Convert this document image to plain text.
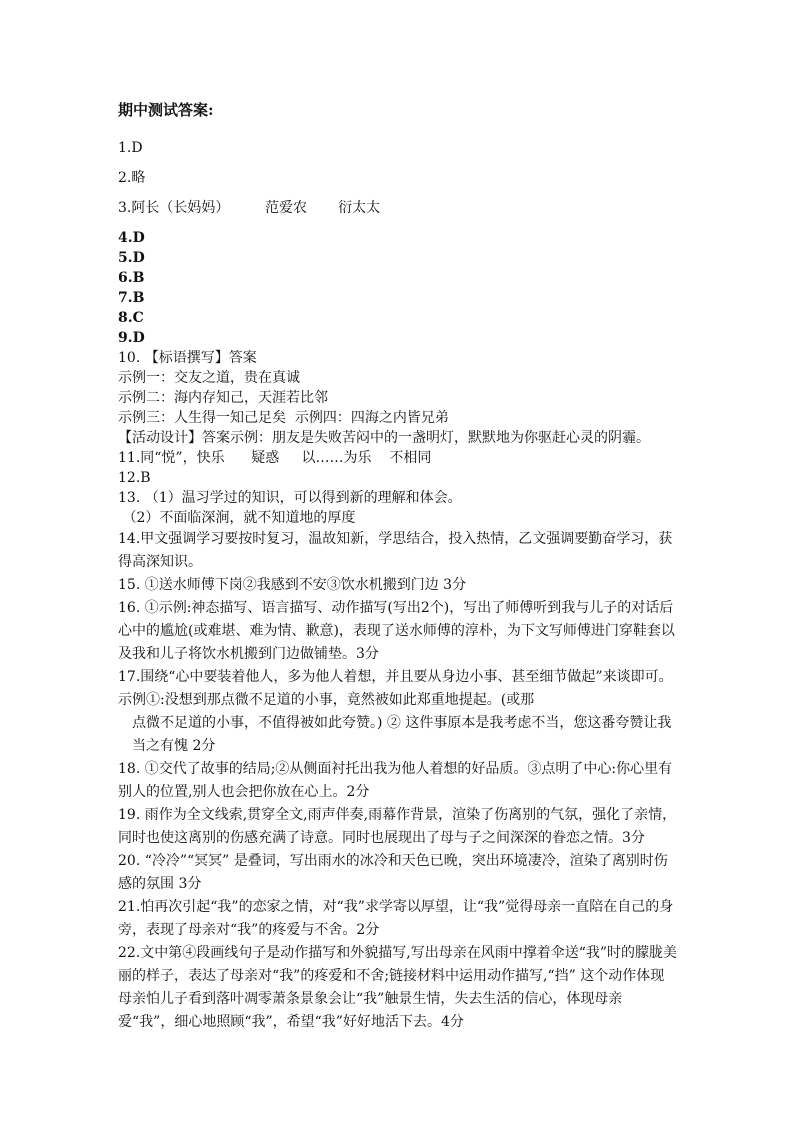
期中测试答案:

1.D

2.略

3.阿长（长妈妈）        范爱农       衍太太

4.D

5.D

6.B

7.B

8.C

9.D

10. 【标语撰写】答案

示例一：交友之道，贵在真诚

示例二：海内存知己，天涯若比邻

示例三：人生得一知己足矣  示例四：四海之内皆兄弟

【活动设计】答案示例：朋友是失败苦闷中的一盏明灯，默默地为你驱赶心灵的阴霾。

11.同“悦”，快乐      疑惑     以……为乐    不相同

12.B

13. （1）温习学过的知识，可以得到新的理解和体会。

（2）不面临深涧，就不知道地的厚度

14.甲文强调学习要按时复习，温故知新，学思结合，投入热情，乙文强调要勤奋学习，获得高深知识。

15. ①送水师傅下岗②我感到不安③饮水机搬到门边 3分

16. ①示例:神态描写、语言描写、动作描写(写出2个)，写出了师傅听到我与儿子的对话后心中的尴尬(或难堪、难为情、歉意)，表现了送水师傅的淳朴，为下文写师傅进门穿鞋套以及我和儿子将饮水机搬到门边做铺垫。3分

17.围绕“心中要装着他人，多为他人着想，并且要从身边小事、甚至细节做起”来谈即可。示例①:没想到那点微不足道的小事，竟然被如此郑重地提起。(或那

点微不足道的小事，不值得被如此夸赞。) ② 这件事原本是我考虑不当，您这番夸赞让我当之有愧 2分

18. ①交代了故事的结局;②从侧面衬托出我为他人着想的好品质。③点明了中心:你心里有别人的位置,别人也会把你放在心上。2分

19. 雨作为全文线索,贯穿全文,雨声伴奏,雨幕作背景，渲染了伤离别的气氛，强化了亲情，同时也使这离别的伤感充满了诗意。同时也展现出了母与子之间深深的眷恋之情。3分

20. “冷冷”“冥冥” 是叠词，写出雨水的冰冷和天色已晚，突出环境凄冷，渲染了离别时伤感的氛围 3分

21.怕再次引起“我”的恋家之情，对“我”求学寄以厚望，让“我”觉得母亲一直陪在自己的身旁，表现了母亲对“我”的疼爱与不舍。2分

22.文中第④段画线句子是动作描写和外貌描写,写出母亲在风雨中撑着伞送“我”时的朦胧美丽的样子，表达了母亲对“我”的疼爱和不舍;链接材料中运用动作描写,“挡” 这个动作体现母亲怕儿子看到落叶凋零萧条景象会让“我”触景生情，失去生活的信心，体现母亲爱“我”，细心地照顾“我”，希望“我”好好地活下去。4分
